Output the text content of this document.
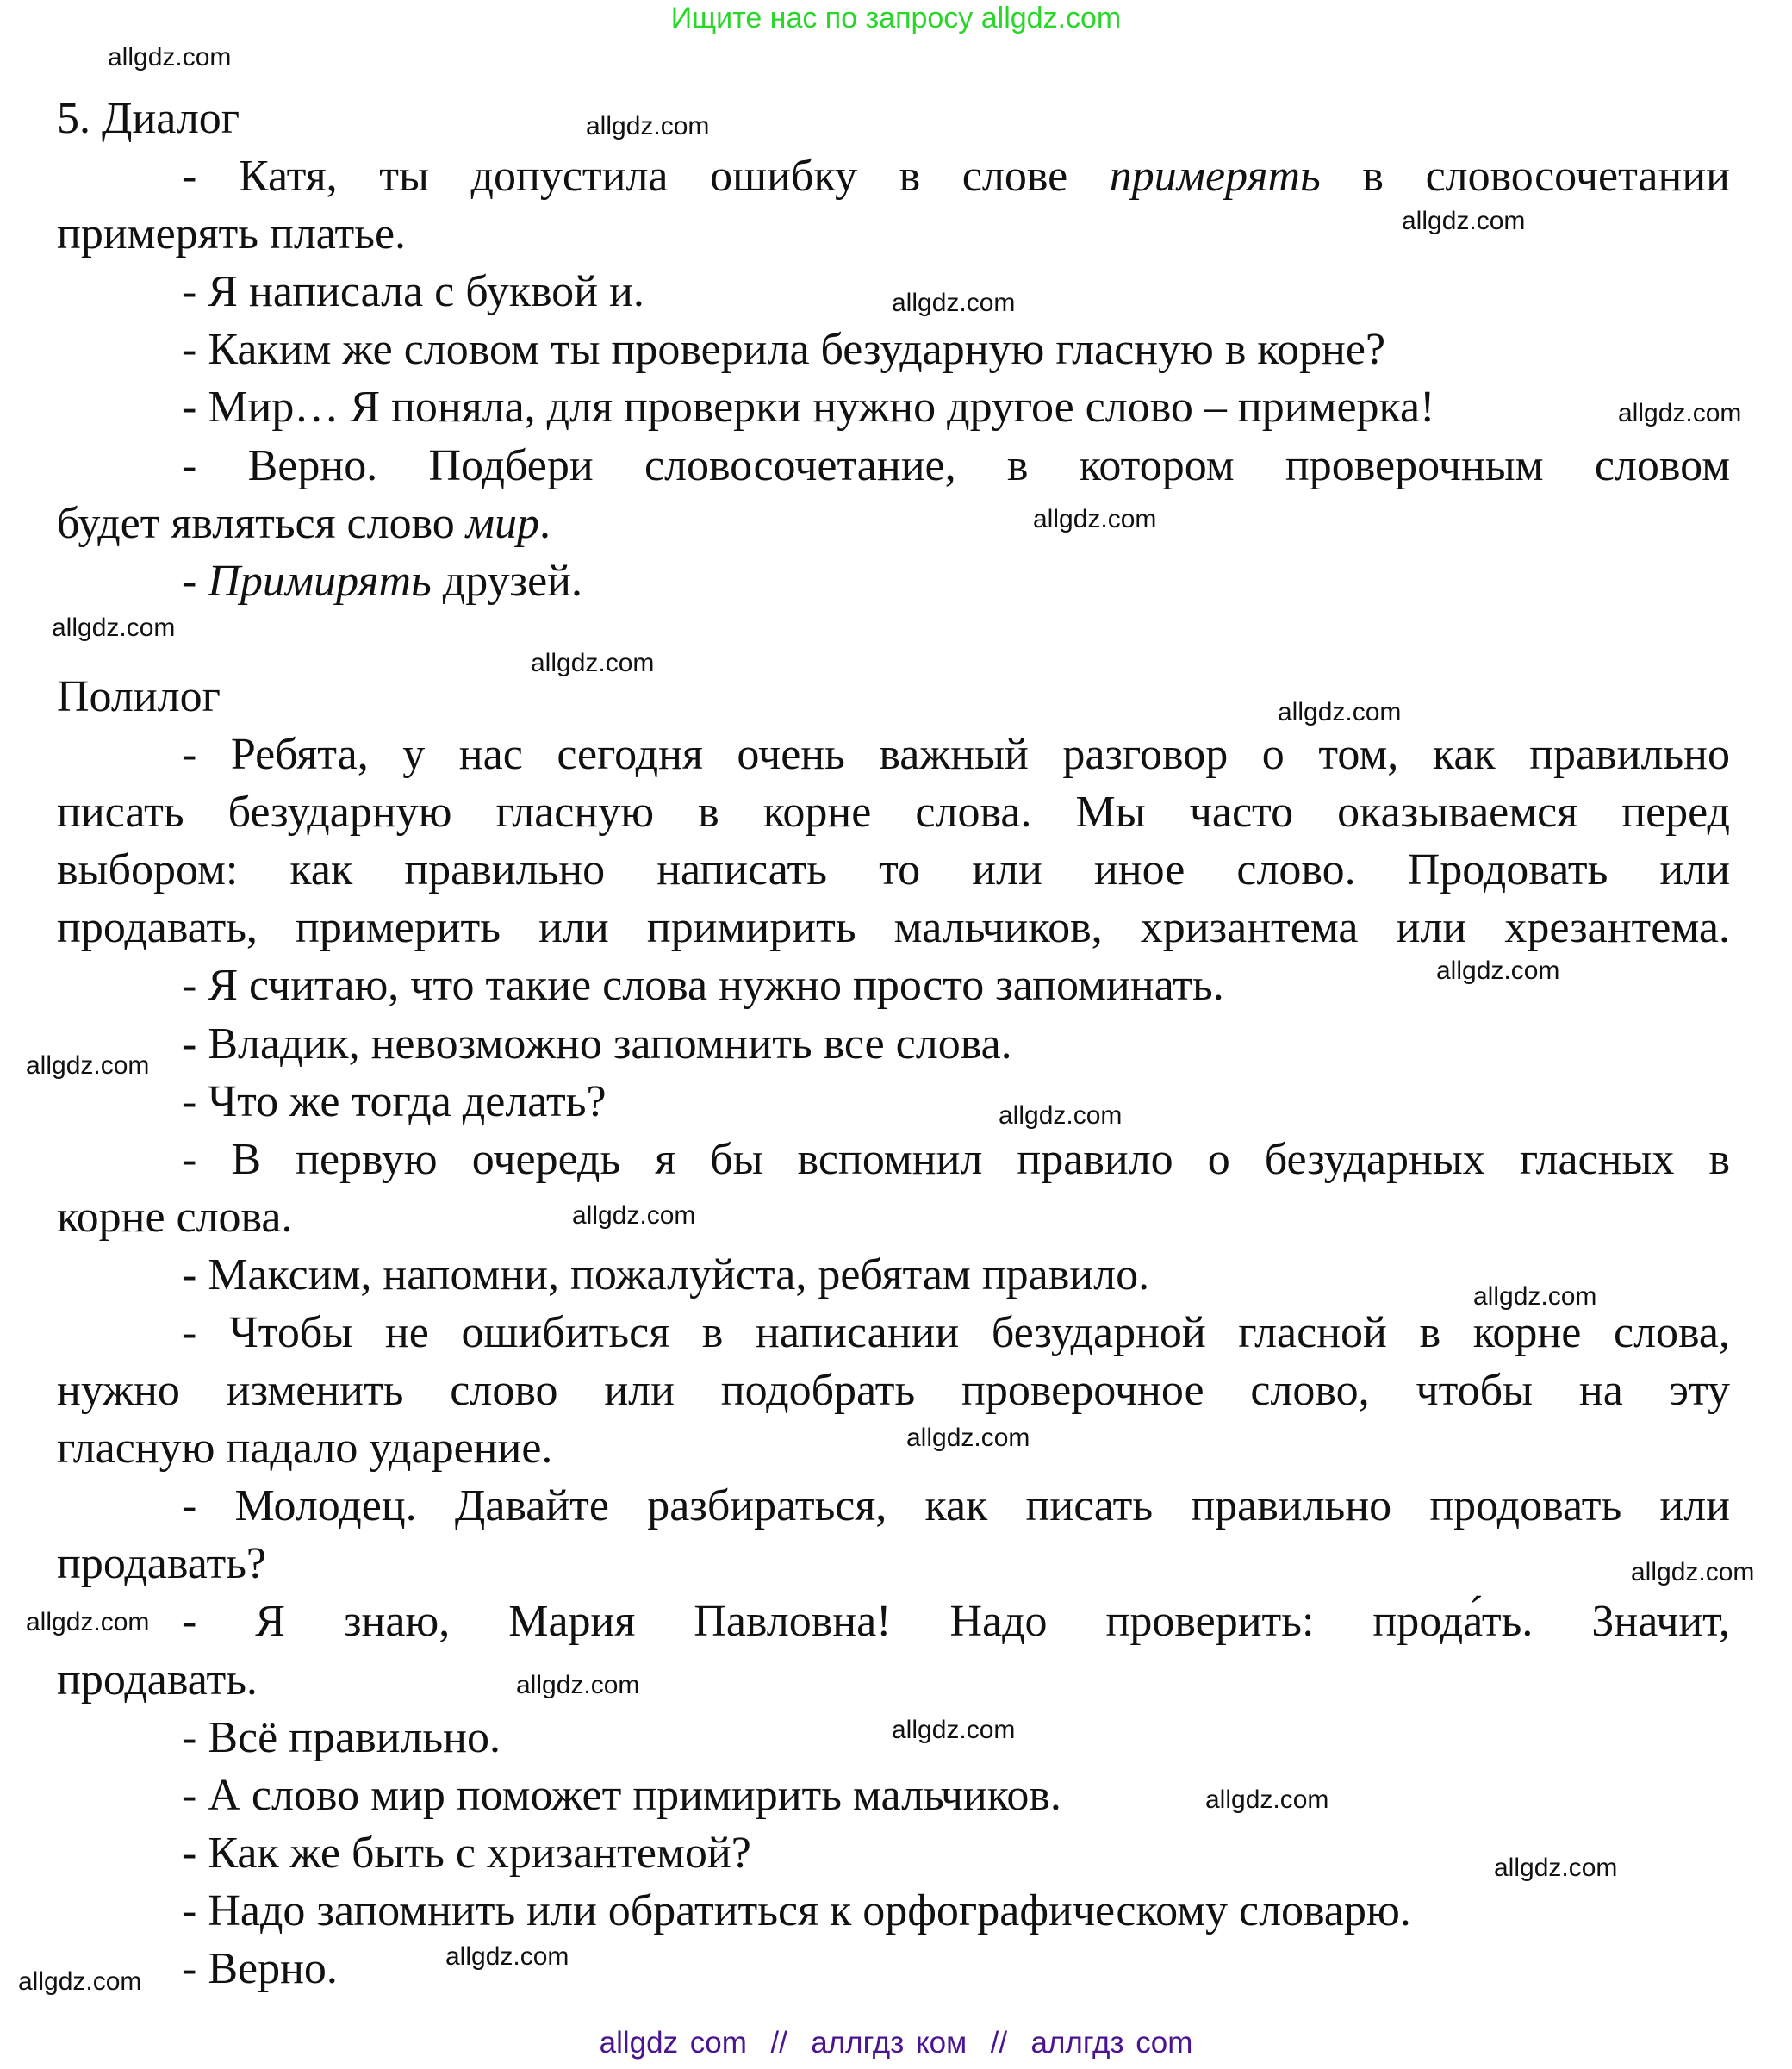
Ищите нас по запросу allgdz.com
5. Диалог
- Катя, ты допустила ошибку в слове примерять в словосочетании
примерять платье.
- Я написала с буквой и.
- Каким же словом ты проверила безударную гласную в корне?
- Мир… Я поняла, для проверки нужно другое слово – примерка!
- Верно. Подбери словосочетание, в котором проверочным словом
будет являться слово мир.
- Примирять друзей.
Полилог
- Ребята, у нас сегодня очень важный разговор о том, как правильно
писать безударную гласную в корне слова. Мы часто оказываемся перед
выбором: как правильно написать то или иное слово. Продовать или
продавать, примерить или примирить мальчиков, хризантема или хрезантема.
- Я считаю, что такие слова нужно просто запоминать.
- Владик, невозможно запомнить все слова.
- Что же тогда делать?
- В первую очередь я бы вспомнил правило о безударных гласных в
корне слова.
- Максим, напомни, пожалуйста, ребятам правило.
- Чтобы не ошибиться в написании безударной гласной в корне слова,
нужно изменить слово или подобрать проверочное слово, чтобы на эту
гласную падало ударение.
- Молодец. Давайте разбираться, как писать правильно продовать или
продавать?
- Я знаю, Мария Павловна! Надо проверить: прода́ть. Значит,
продавать.
- Всё правильно.
- А слово мир поможет примирить мальчиков.
- Как же быть с хризантемой?
- Надо запомнить или обратиться к орфографическому словарю.
- Верно.
allgdz.com
allgdz.com
allgdz.com
allgdz.com
allgdz.com
allgdz.com
allgdz.com
allgdz.com
allgdz.com
allgdz.com
allgdz.com
allgdz.com
allgdz.com
allgdz.com
allgdz.com
allgdz.com
allgdz.com
allgdz.com
allgdz.com
allgdz.com
allgdz.com
allgdz.com
allgdz.com
allgdz com  //  аллгдз ком  //  аллгдз com
